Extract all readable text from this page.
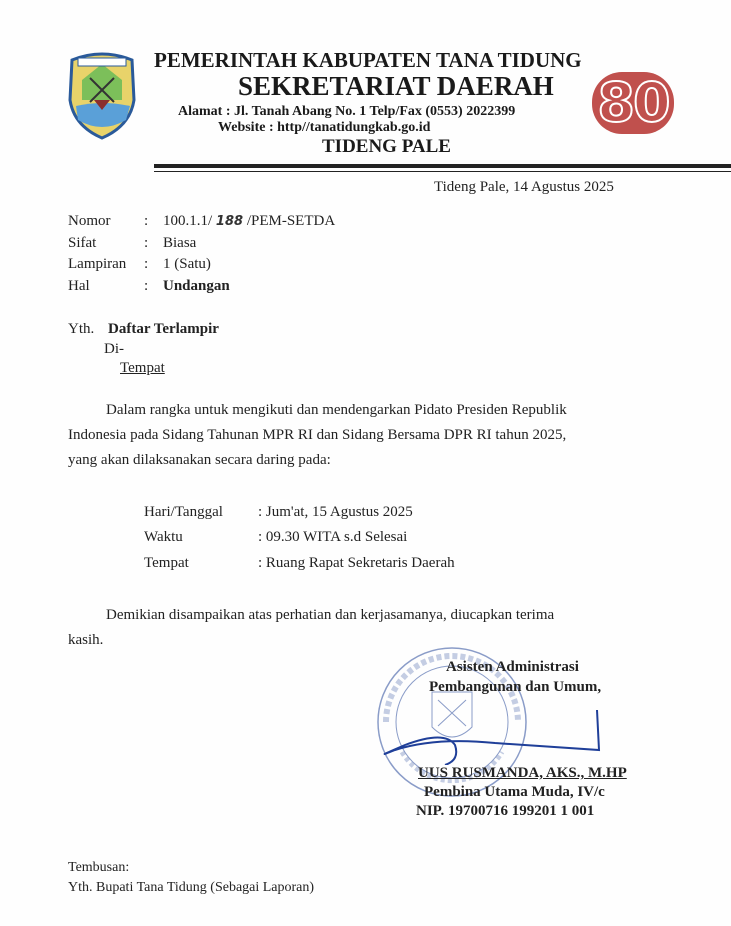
PEMERINTAH KABUPATEN TANA TIDUNG
SEKRETARIAT DAERAH
Alamat : Jl. Tanah Abang No. 1 Telp/Fax (0553) 2022399
Website : http//tanatidungkab.go.id
TIDENG PALE
80
Tideng Pale, 14 Agustus 2025
Nomor : 100.1.1/ 188 /PEM-SETDA
Sifat	: Biasa
Lampiran : 1 (Satu)
Hal	: Undangan
Yth. Daftar Terlampir
Di-
Tempat
Dalam rangka untuk mengikuti dan mendengarkan Pidato Presiden Republik
Indonesia pada Sidang Tahunan MPR RI dan Sidang Bersama DPR RI tahun 2025,
yang akan dilaksanakan secara daring pada:
Hari/Tanggal : Jum'at, 15 Agustus 2025
Waktu	: 09.30 WITA s.d Selesai
Tempat	: Ruang Rapat Sekretaris Daerah
Demikian disampaikan atas perhatian dan kerjasamanya, diucapkan terima
kasih.
Asisten Administrasi
Pembangunan dan Umum,
UUS RUSMANDA, AKS., M.HP
Pembina Utama Muda, IV/c
NIP. 19700716 199201 1 001
Tembusan:
Yth. Bupati Tana Tidung (Sebagai Laporan)
